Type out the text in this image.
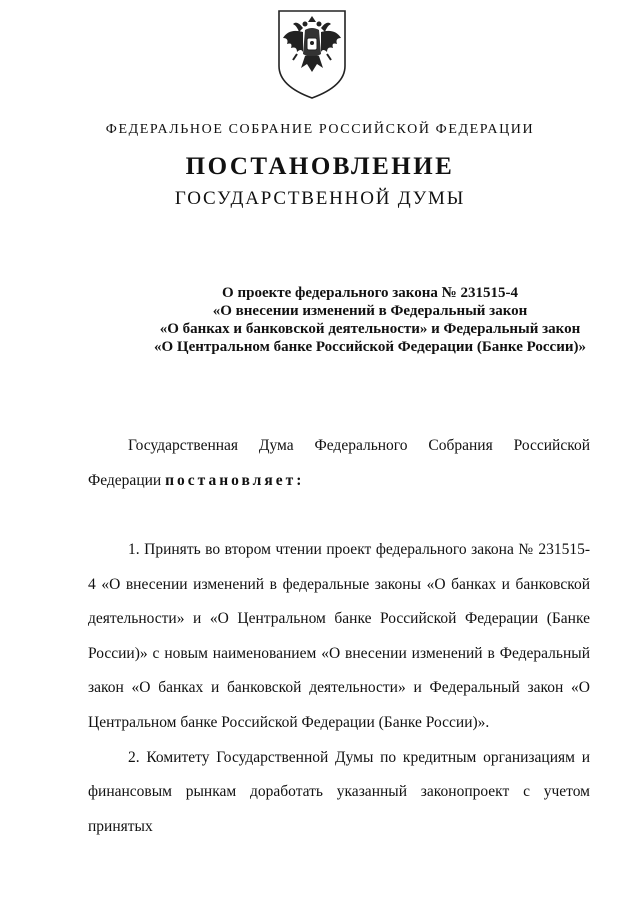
ФЕДЕРАЛЬНОЕ СОБРАНИЕ РОССИЙСКОЙ ФЕДЕРАЦИИ
ПОСТАНОВЛЕНИЕ
ГОСУДАРСТВЕННОЙ ДУМЫ
О проекте федерального закона № 231515-4
«О внесении изменений в Федеральный закон
«О банках и банковской деятельности» и Федеральный закон
«О Центральном банке Российской Федерации (Банке России)»

Государственная Дума Федерального Собрания Российской

Федерации постановляет:

1. Принять во втором чтении проект федерального закона № 231515-4 «О внесении изменений в федеральные законы «О банках и банковской деятельности» и «О Центральном банке Российской Федерации (Банке России)» с новым наименованием «О внесении изменений в Федеральный закон «О банках и банковской деятельности» и Федеральный закон «О Центральном банке Российской Федерации (Банке России)».

2. Комитету Государственной Думы по кредитным организациям и финансовым рынкам доработать указанный законопроект с учетом принятых
